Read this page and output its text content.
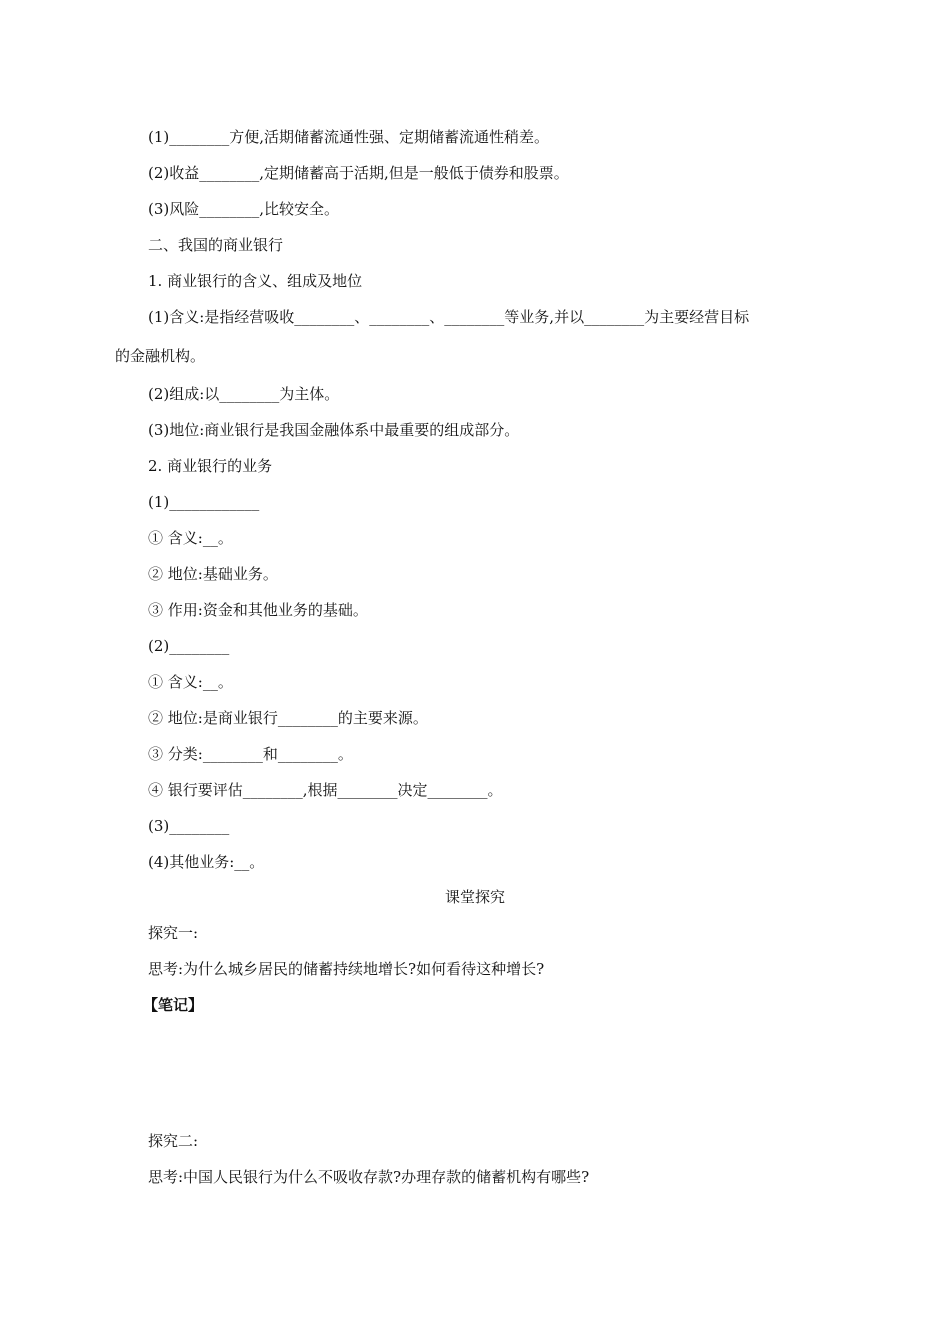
(1)________方便,活期储蓄流通性强、定期储蓄流通性稍差。
(2)收益________,定期储蓄高于活期,但是一般低于债券和股票。
(3)风险________,比较安全。
二、我国的商业银行
1. 商业银行的含义、组成及地位
(1)含义:是指经营吸收________、________、________等业务,并以________为主要经营目标
的金融机构。
(2)组成:以________为主体。
(3)地位:商业银行是我国金融体系中最重要的组成部分。
2. 商业银行的业务
(1)____________
① 含义:__。
② 地位:基础业务。
③ 作用:资金和其他业务的基础。
(2)________
① 含义:__。
② 地位:是商业银行________的主要来源。
③ 分类:________和________。
④ 银行要评估________,根据________决定________。
(3)________
(4)其他业务:__。
课堂探究
探究一:
思考:为什么城乡居民的储蓄持续地增长?如何看待这种增长?
【笔记】
探究二:
思考:中国人民银行为什么不吸收存款?办理存款的储蓄机构有哪些?
